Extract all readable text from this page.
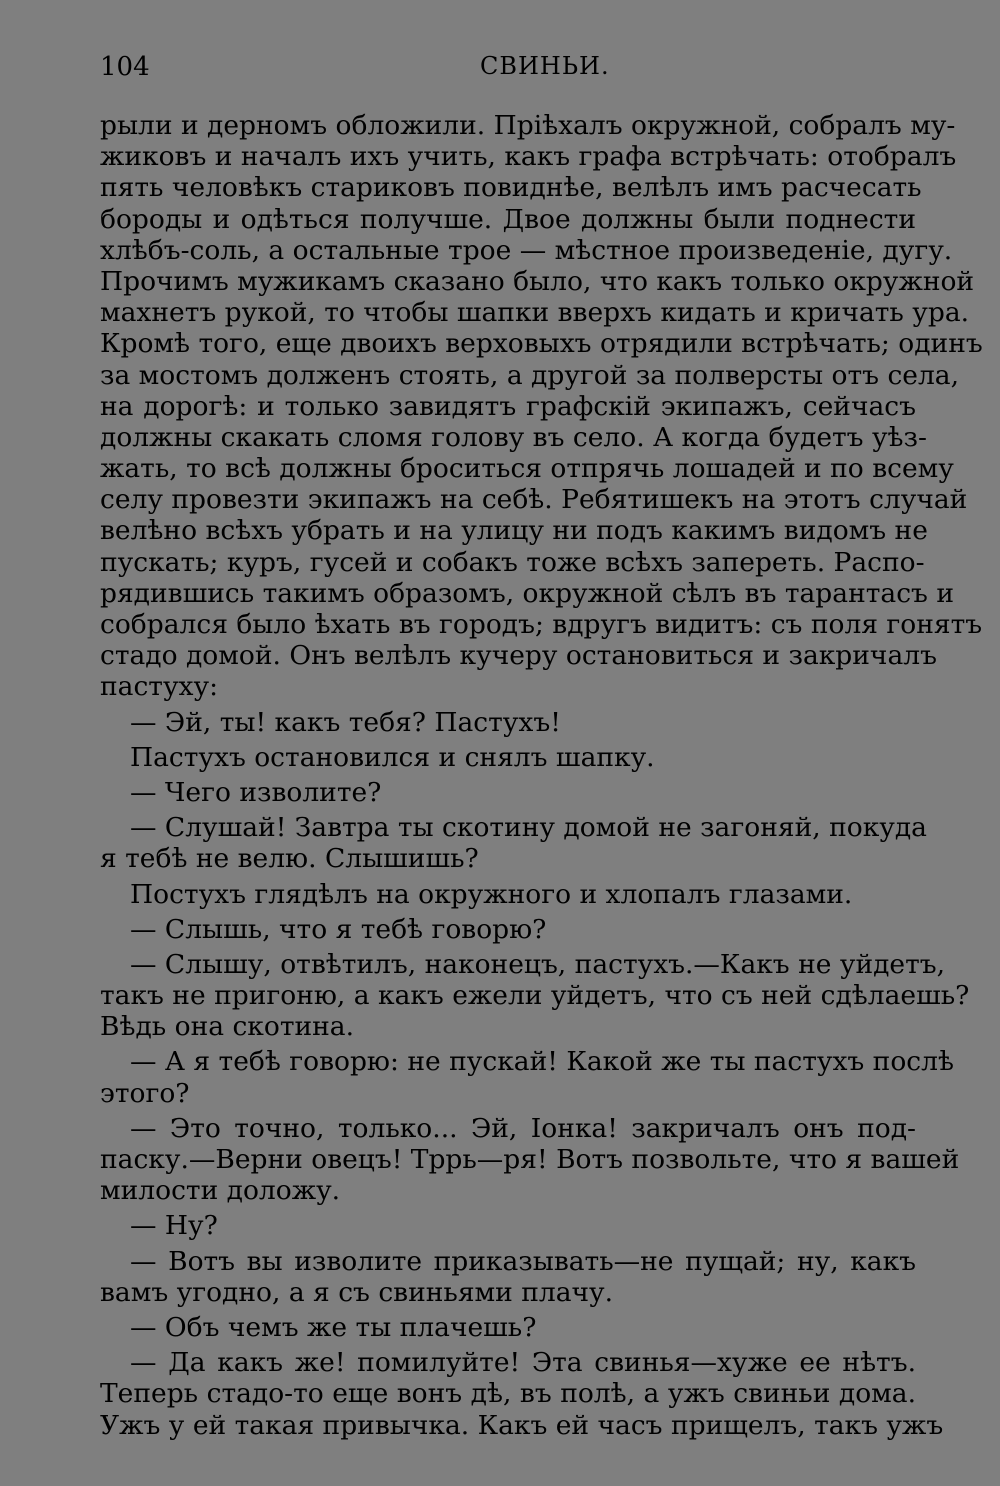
104	СВИНЬИ.
рыли и дерномъ обложили. Пріѣхалъ окружной, собралъ му-
жиковъ и началъ ихъ учить, какъ графа встрѣчать: отобралъ
пять человѣкъ стариковъ повиднѣе, велѣлъ имъ расчесать
бороды и одѣться получше. Двое должны были поднести
хлѣбъ-соль, а остальные трое — мѣстное произведеніе, дугу.
Прочимъ мужикамъ сказано было, что какъ только окружной
махнетъ рукой, то чтобы шапки вверхъ кидать и кричать ура.
Кромѣ того, еще двоихъ верховыхъ отрядили встрѣчать; одинъ
за мостомъ долженъ стоять, а другой за полверсты отъ села,
на дорогѣ: и только завидятъ графскій экипажъ, сейчасъ
должны скакать сломя голову въ село. А когда будетъ уѣз-
жать, то всѣ должны броситься отпрячь лошадей и по всему
селу провезти экипажъ на себѣ. Ребятишекъ на этотъ случай
велѣно всѣхъ убрать и на улицу ни подъ какимъ видомъ не
пускать; куръ, гусей и собакъ тоже всѣхъ запереть. Распо-
рядившись такимъ образомъ, окружной сѣлъ въ тарантасъ и
собрался было ѣхать въ городъ; вдругъ видитъ: съ поля гонятъ
стадо домой. Онъ велѣлъ кучеру остановиться и закричалъ
пастуху:
— Эй, ты! какъ тебя? Пастухъ!
Пастухъ остановился и снялъ шапку.
— Чего изволите?
— Слушай! Завтра ты скотину домой не загоняй, покуда
я тебѣ не велю. Слышишь?
Постухъ глядѣлъ на окружного и хлопалъ глазами.
— Слышь, что я тебѣ говорю?
— Слышу, отвѣтилъ, наконецъ, пастухъ.—Какъ не уйдетъ,
такъ не пригоню, а какъ ежели уйдетъ, что съ ней сдѣлаешь?
Вѣдь она скотина.
— А я тебѣ говорю: не пускай! Какой же ты пастухъ послѣ
этого?
— Это точно, только... Эй, Іонка! закричалъ онъ под-
паску.—Верни овецъ! Тррь—ря! Вотъ позвольте, что я вашей
милости доложу.
— Ну?
— Вотъ вы изволите приказывать—не пущай; ну, какъ
вамъ угодно, а я съ свиньями плачу.
— Объ чемъ же ты плачешь?
— Да какъ же! помилуйте! Эта свинья—хуже ее нѣтъ.
Теперь стадо-то еще вонъ дѣ, въ полѣ, а ужъ свиньи дома.
Ужъ у ей такая привычка. Какъ ей часъ прищелъ, такъ ужъ
